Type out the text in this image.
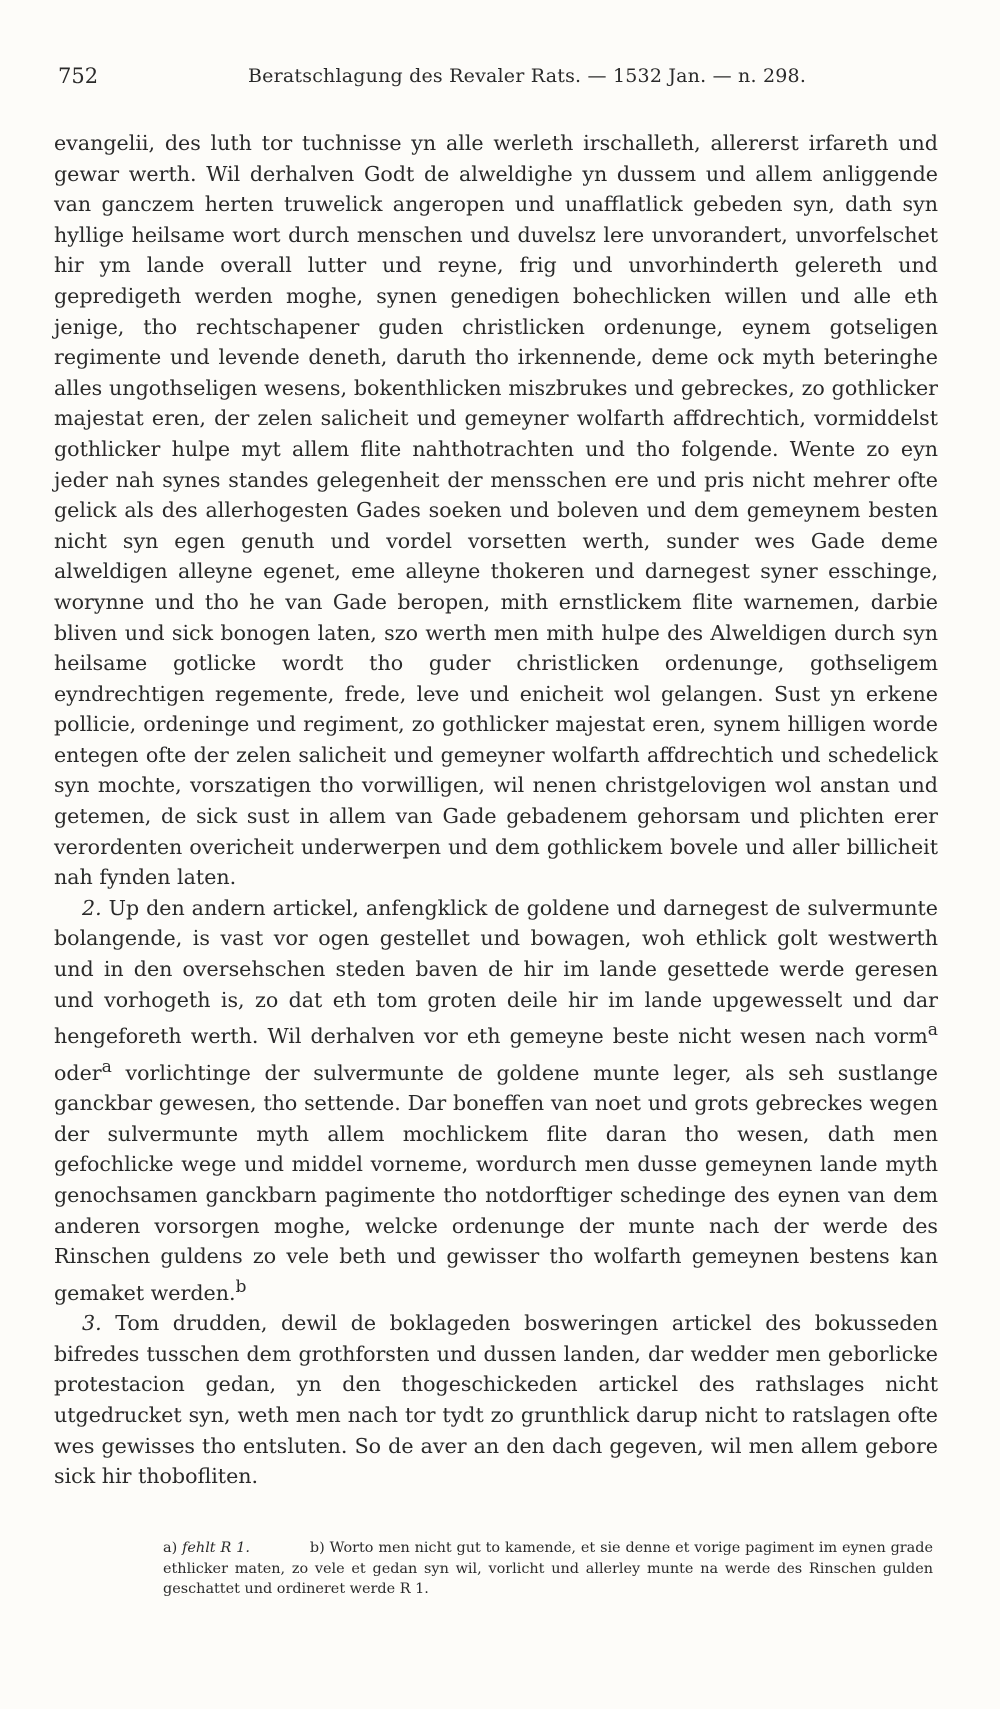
752	Beratschlagung des Revaler Rats. — 1532 Jan. — n. 298.

evangelii, des luth tor tuchnisse yn alle werleth irschalleth, allererst irfareth und gewar werth. Wil derhalven Godt de alweldighe yn dussem und allem anliggende van ganczem herten truwelick angeropen und unafflatlick gebeden syn, dath syn hyllige heilsame wort durch menschen und duvelsz lere unvorandert, unvorfelschet hir ym lande overall lutter und reyne, frig und unvorhinderth gelereth und gepredigeth werden moghe, synen genedigen bohechlicken willen und alle eth jenige, tho rechtschapener guden christlicken ordenunge, eynem gotseligen regimente und levende deneth, daruth tho irkennende, deme ock myth beteringhe alles ungothseligen wesens, bokenthlicken miszbrukes und gebreckes, zo gothlicker majestat eren, der zelen salicheit und gemeyner wolfarth affdrechtich, vormiddelst gothlicker hulpe myt allem flite nahthotrachten und tho folgende. Wente zo eyn jeder nah synes standes gelegenheit der mensschen ere und pris nicht mehrer ofte gelick als des allerhogesten Gades soeken und boleven und dem gemeynem besten nicht syn egen genuth und vordel vorsetten werth, sunder wes Gade deme alweldigen alleyne egenet, eme alleyne thokeren und darnegest syner esschinge, worynne und tho he van Gade beropen, mith ernstlickem flite warnemen, darbie bliven und sick bonogen laten, szo werth men mith hulpe des Alweldigen durch syn heilsame gotlicke wordt tho guder christlicken ordenunge, gothseligem eyndrechtigen regemente, frede, leve und enicheit wol gelangen. Sust yn erkene pollicie, ordeninge und regiment, zo gothlicker majestat eren, synem hilligen worde entegen ofte der zelen salicheit und gemeyner wolfarth affdrechtich und schedelick syn mochte, vorszatigen tho vorwilligen, wil nenen christgelovigen wol anstan und getemen, de sick sust in allem van Gade gebadenem gehorsam und plichten erer verordenten overicheit underwerpen und dem gothlickem bovele und aller billicheit nah fynden laten.

2. Up den andern artickel, anfengklick de goldene und darnegest de sulvermunte bolangende, is vast vor ogen gestellet und bowagen, woh ethlick golt westwerth und in den oversehschen steden baven de hir im lande gesettede werde geresen und vorhogeth is, zo dat eth tom groten deile hir im lande upgewesselt und dar hengeforeth werth. Wil derhalven vor eth gemeyne beste nicht wesen nach vorm$^a$ oder$^a$ vorlichtinge der sulvermunte de goldene munte leger, als seh sustlange ganckbar gewesen, tho settende. Dar boneffen van noet und grots gebreckes wegen der sulvermunte myth allem mochlickem flite daran tho wesen, dath men gefochlicke wege und middel vorneme, wordurch men dusse gemeynen lande myth genochsamen ganckbarn pagimente tho notdorftiger schedinge des eynen van dem anderen vorsorgen moghe, welcke ordenunge der munte nach der werde des Rinschen guldens zo vele beth und gewisser tho wolfarth gemeynen bestens kan gemaket werden.$^b$

3. Tom drudden, dewil de boklageden bosweringen artickel des bokusseden bifredes tusschen dem grothforsten und dussen landen, dar wedder men geborlicke protestacion gedan, yn den thogeschickeden artickel des rathslages nicht utgedrucket syn, weth men nach tor tydt zo grunthlick darup nicht to ratslagen ofte wes gewisses tho entsluten. So de aver an den dach gegeven, wil men allem gebore sick hir thobofliten.

a) fehlt R 1.	b) Worto men nicht gut to kamende, et sie denne et vorige pagiment im eynen grade ethlicker maten, zo vele et gedan syn wil, vorlicht und allerley munte na werde des Rinschen gulden geschattet und ordineret werde R 1.
